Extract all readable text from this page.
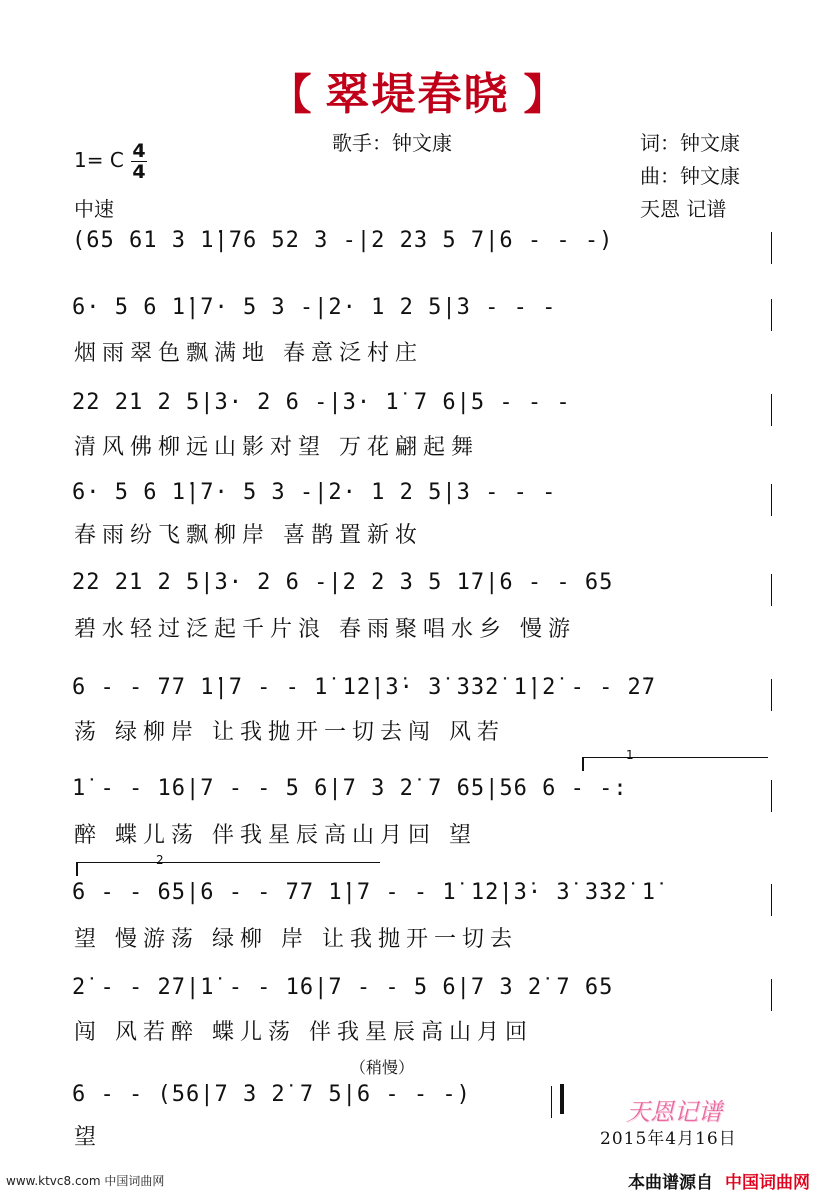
【 翠堤春晓 】
歌手：钟文康	词：钟文康
曲：钟文康
天恩 记谱
1= C 4
4
中速
(65 61 3 1̇|76 52 3 -|2 23 5 7|6 - - -)
6· 5 6 1̇|7· 5 3 -|2· 1 2 5|3 - - -
烟雨翠色飘满地 春意泛村庄
22 21 2 5|3· 2 6 -|3· 1̇ 7 6|5 - - -
清风佛柳远山影对望 万花翩起舞
6· 5 6 1̇|7· 5 3 -|2· 1 2 5|3 - - -
春雨纷飞飘柳岸 喜鹊置新妆
22 21 2 5|3· 2 6 -|2 2 3 5 1̇7|6 - - 65
碧水轻过泛起千片浪 春雨聚唱水乡 慢游
6 - - 77 1̇|7 - - 1̇ 1̇2̇|3̇· 3̇ 3̇3̇2̇ 1̇|2̇ - - 2̇7
荡 绿柳岸 让我抛开一切去闯 风若
1
1̇ - - 1̇6|7 - - 5 6|7 3 2̇ 7 65|56 6 - -:
醉 蝶儿荡 伴我星辰高山月回 望
2
6 - - 65|6 - - 77 1̇|7 - - 1̇ 1̇2̇|3̇· 3̇ 3̇3̇2̇ 1̇
望 慢游荡 绿柳 岸 让我抛开一切去
2̇ - - 2̇7|1̇ - - 1̇6|7 - - 5 6|7 3 2̇ 7 65
闯 风若醉 蝶儿荡 伴我星辰高山月回
（稍慢）
6 - - (56|7 3 2̇ 7 5|6 - - -)
望
天恩记谱
2015年4月16日
www.ktvc8.com 中国词曲网	本曲谱源自 中国词曲网
